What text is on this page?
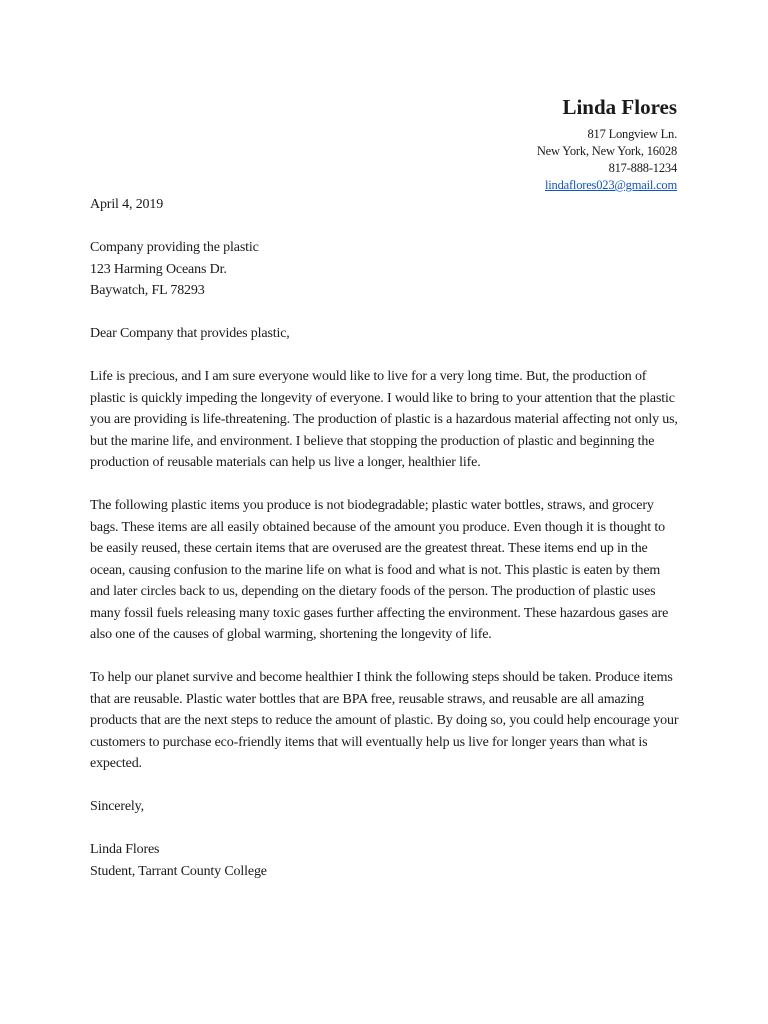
Linda Flores
817 Longview Ln.
New York, New York, 16028
817-888-1234
lindaflores023@gmail.com

April 4, 2019

Company providing the plastic

123 Harming Oceans Dr.

Baywatch, FL 78293

Dear Company that provides plastic,

Life is precious, and I am sure everyone would like to live for a very long time. But, the production of plastic is quickly impeding the longevity of everyone. I would like to bring to your attention that the plastic you are providing is life-threatening. The production of plastic is a hazardous material affecting not only us, but the marine life, and environment. I believe that stopping the production of plastic and beginning the production of reusable materials can help us live a longer, healthier life.

The following plastic items you produce is not biodegradable; plastic water bottles, straws, and grocery bags. These items are all easily obtained because of the amount you produce. Even though it is thought to be easily reused, these certain items that are overused are the greatest threat. These items end up in the ocean, causing confusion to the marine life on what is food and what is not. This plastic is eaten by them and later circles back to us, depending on the dietary foods of the person. The production of plastic uses many fossil fuels releasing many toxic gases further affecting the environment. These hazardous gases are also one of the causes of global warming, shortening the longevity of life.

To help our planet survive and become healthier I think the following steps should be taken. Produce items that are reusable. Plastic water bottles that are BPA free, reusable straws, and reusable are all amazing products that are the next steps to reduce the amount of plastic. By doing so, you could help encourage your customers to purchase eco-friendly items that will eventually help us live for longer years than what is expected.

Sincerely,

Linda Flores

Student, Tarrant County College
